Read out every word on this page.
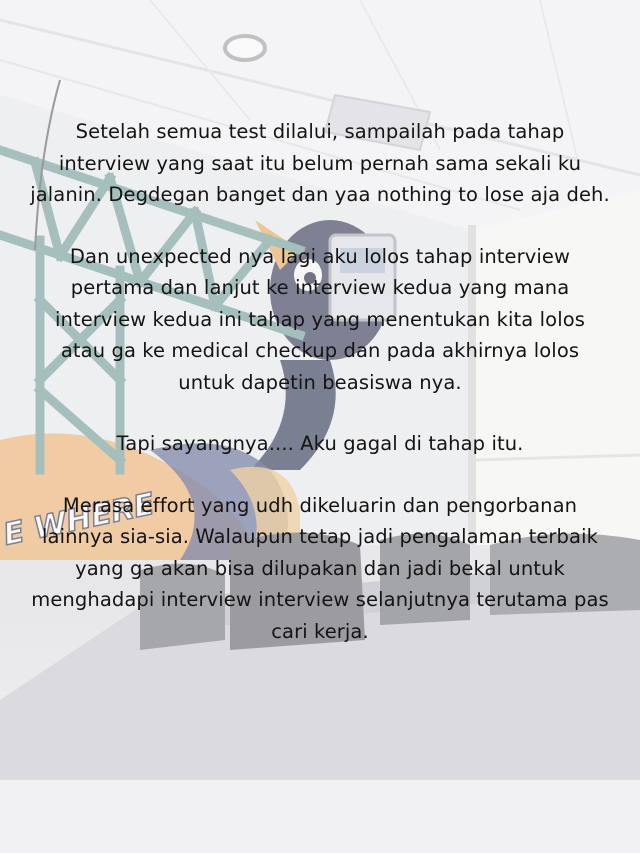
E WHERE

Setelah semua test dilalui, sampailah pada tahap interview yang saat itu belum pernah sama sekali ku jalanin. Degdegan banget dan yaa nothing to lose aja deh.

Dan unexpected nya lagi aku lolos tahap interview pertama dan lanjut ke interview kedua yang mana interview kedua ini tahap yang menentukan kita lolos atau ga ke medical checkup dan pada akhirnya lolos untuk dapetin beasiswa nya.

Tapi sayangnya.... Aku gagal di tahap itu.

Merasa effort yang udh dikeluarin dan pengorbanan lainnya sia-sia. Walaupun tetap jadi pengalaman terbaik yang ga akan bisa dilupakan dan jadi bekal untuk menghadapi interview interview selanjutnya terutama pas cari kerja.
